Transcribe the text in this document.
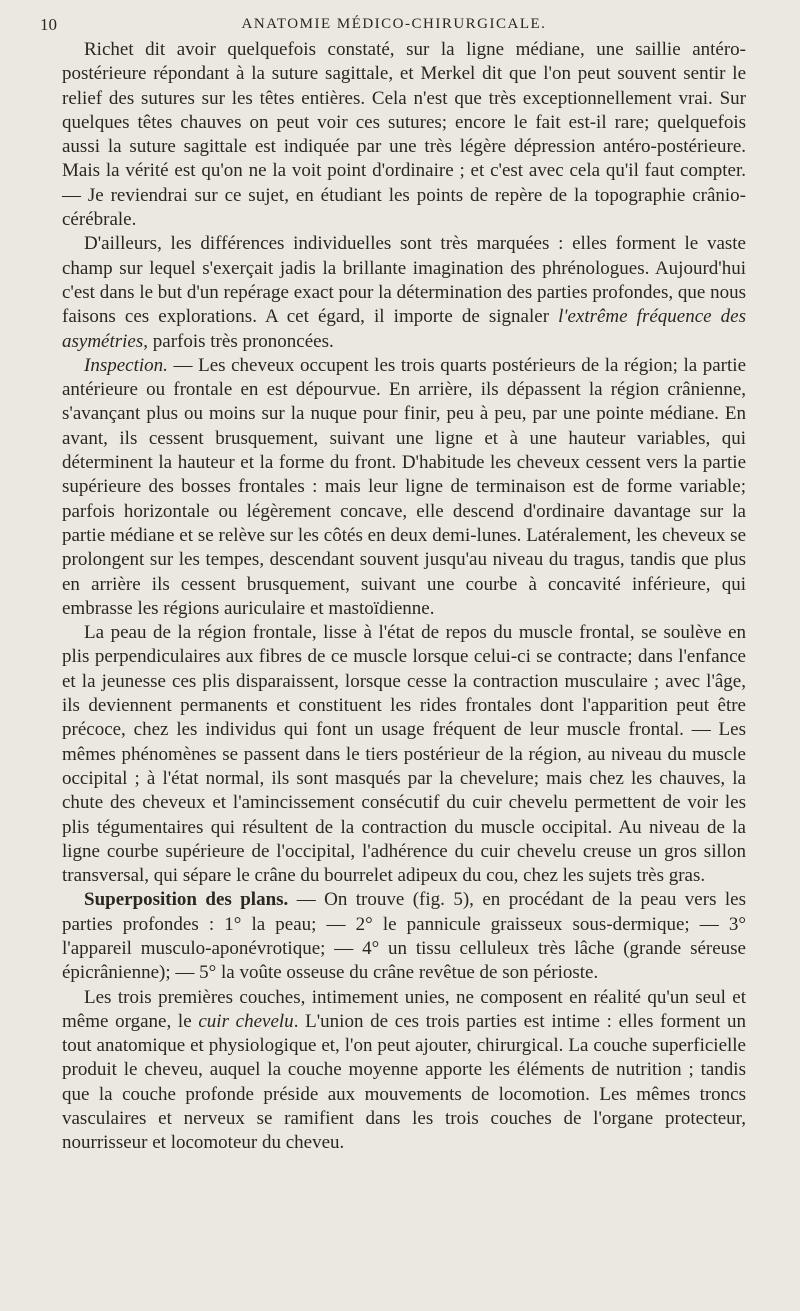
10	ANATOMIE MÉDICO-CHIRURGICALE.

Richet dit avoir quelquefois constaté, sur la ligne médiane, une saillie antéro-postérieure répondant à la suture sagittale, et Merkel dit que l'on peut souvent sentir le relief des sutures sur les têtes entières. Cela n'est que très exceptionnellement vrai. Sur quelques têtes chauves on peut voir ces sutures; encore le fait est-il rare; quelquefois aussi la suture sagittale est indiquée par une très légère dépression antéro-postérieure. Mais la vérité est qu'on ne la voit point d'ordinaire ; et c'est avec cela qu'il faut compter. — Je reviendrai sur ce sujet, en étudiant les points de repère de la topographie crânio-cérébrale.

D'ailleurs, les différences individuelles sont très marquées : elles forment le vaste champ sur lequel s'exerçait jadis la brillante imagination des phrénologues. Aujourd'hui c'est dans le but d'un repérage exact pour la détermination des parties profondes, que nous faisons ces explorations. A cet égard, il importe de signaler l'extrême fréquence des asymétries, parfois très prononcées.

Inspection. — Les cheveux occupent les trois quarts postérieurs de la région; la partie antérieure ou frontale en est dépourvue. En arrière, ils dépassent la région crânienne, s'avançant plus ou moins sur la nuque pour finir, peu à peu, par une pointe médiane. En avant, ils cessent brusquement, suivant une ligne et à une hauteur variables, qui déterminent la hauteur et la forme du front. D'habitude les cheveux cessent vers la partie supérieure des bosses frontales : mais leur ligne de terminaison est de forme variable; parfois horizontale ou légèrement concave, elle descend d'ordinaire davantage sur la partie médiane et se relève sur les côtés en deux demi-lunes. Latéralement, les cheveux se prolongent sur les tempes, descendant souvent jusqu'au niveau du tragus, tandis que plus en arrière ils cessent brusquement, suivant une courbe à concavité inférieure, qui embrasse les régions auriculaire et mastoïdienne.

La peau de la région frontale, lisse à l'état de repos du muscle frontal, se soulève en plis perpendiculaires aux fibres de ce muscle lorsque celui-ci se contracte; dans l'enfance et la jeunesse ces plis disparaissent, lorsque cesse la contraction musculaire ; avec l'âge, ils deviennent permanents et constituent les rides frontales dont l'apparition peut être précoce, chez les individus qui font un usage fréquent de leur muscle frontal. — Les mêmes phénomènes se passent dans le tiers postérieur de la région, au niveau du muscle occipital ; à l'état normal, ils sont masqués par la chevelure; mais chez les chauves, la chute des cheveux et l'amincissement consécutif du cuir chevelu permettent de voir les plis tégumentaires qui résultent de la contraction du muscle occipital. Au niveau de la ligne courbe supérieure de l'occipital, l'adhérence du cuir chevelu creuse un gros sillon transversal, qui sépare le crâne du bourrelet adipeux du cou, chez les sujets très gras.

Superposition des plans. — On trouve (fig. 5), en procédant de la peau vers les parties profondes : 1° la peau; — 2° le pannicule graisseux sous-dermique; — 3° l'appareil musculo-aponévrotique; — 4° un tissu celluleux très lâche (grande séreuse épicrânienne); — 5° la voûte osseuse du crâne revêtue de son périoste.

Les trois premières couches, intimement unies, ne composent en réalité qu'un seul et même organe, le cuir chevelu. L'union de ces trois parties est intime : elles forment un tout anatomique et physiologique et, l'on peut ajouter, chirurgical. La couche superficielle produit le cheveu, auquel la couche moyenne apporte les éléments de nutrition ; tandis que la couche profonde préside aux mouvements de locomotion. Les mêmes troncs vasculaires et nerveux se ramifient dans les trois couches de l'organe protecteur, nourrisseur et locomoteur du cheveu.
